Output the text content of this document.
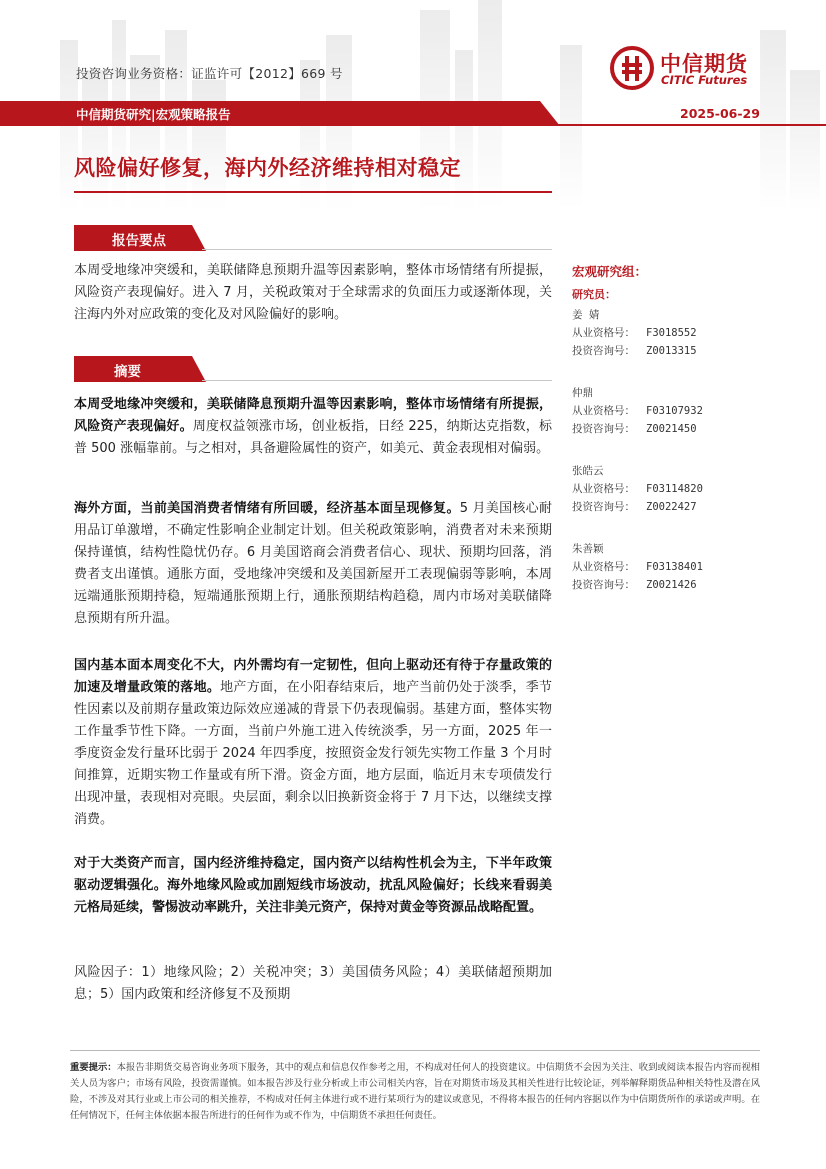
投资咨询业务资格：证监许可【2012】669 号	中信期货
CITIC Futures
中信期货研究|宏观策略报告	2025-06-29
风险偏好修复，海内外经济维持相对稳定
报告要点
本周受地缘冲突缓和，美联储降息预期升温等因素影响，整体市场情绪有所提振，风险资产表现偏好。进入 7 月，关税政策对于全球需求的负面压力或逐渐体现，关注海内外对应政策的变化及对风险偏好的影响。
摘要
本周受地缘冲突缓和，美联储降息预期升温等因素影响，整体市场情绪有所提振，风险资产表现偏好。周度权益领涨市场，创业板指，日经 225，纳斯达克指数，标普 500 涨幅靠前。与之相对，具备避险属性的资产，如美元、黄金表现相对偏弱。
海外方面，当前美国消费者情绪有所回暖，经济基本面呈现修复。5 月美国核心耐用品订单激增，不确定性影响企业制定计划。但关税政策影响，消费者对未来预期保持谨慎，结构性隐忧仍存。6 月美国谘商会消费者信心、现状、预期均回落，消费者支出谨慎。通胀方面，受地缘冲突缓和及美国新屋开工表现偏弱等影响，本周远端通胀预期持稳，短端通胀预期上行，通胀预期结构趋稳，周内市场对美联储降息预期有所升温。
国内基本面本周变化不大，内外需均有一定韧性，但向上驱动还有待于存量政策的加速及增量政策的落地。地产方面，在小阳春结束后，地产当前仍处于淡季，季节性因素以及前期存量政策边际效应递减的背景下仍表现偏弱。基建方面，整体实物工作量季节性下降。一方面，当前户外施工进入传统淡季，另一方面，2025 年一季度资金发行量环比弱于 2024 年四季度，按照资金发行领先实物工作量 3 个月时间推算，近期实物工作量或有所下滑。资金方面，地方层面，临近月末专项债发行出现冲量，表现相对亮眼。央层面，剩余以旧换新资金将于 7 月下达，以继续支撑消费。
对于大类资产而言，国内经济维持稳定，国内资产以结构性机会为主，下半年政策驱动逻辑强化。海外地缘风险或加剧短线市场波动，扰乱风险偏好；长线来看弱美元格局延续，警惕波动率跳升，关注非美元资产，保持对黄金等资源品战略配置。
风险因子：1）地缘风险；2）关税冲突；3）美国债务风险；4）美联储超预期加息；5）国内政策和经济修复不及预期
宏观研究组：
研究员：
姜 婧
从业资格号： F3018552
投资咨询号： Z0013315
仲鼎
从业资格号： F03107932
投资咨询号： Z0021450
张皓云
从业资格号： F03114820
投资咨询号： Z0022427
朱善颖
从业资格号： F03138401
投资咨询号： Z0021426
重要提示：本报告非期货交易咨询业务项下服务，其中的观点和信息仅作参考之用，不构成对任何人的投资建议。中信期货不会因为关注、收到或阅读本报告内容而视相关人员为客户；市场有风险，投资需谨慎。如本报告涉及行业分析或上市公司相关内容，旨在对期货市场及其相关性进行比较论证，列举解释期货品种相关特性及潜在风险，不涉及对其行业或上市公司的相关推荐，不构成对任何主体进行或不进行某项行为的建议或意见，不得将本报告的任何内容据以作为中信期货所作的承诺或声明。在任何情况下，任何主体依据本报告所进行的任何作为或不作为，中信期货不承担任何责任。
